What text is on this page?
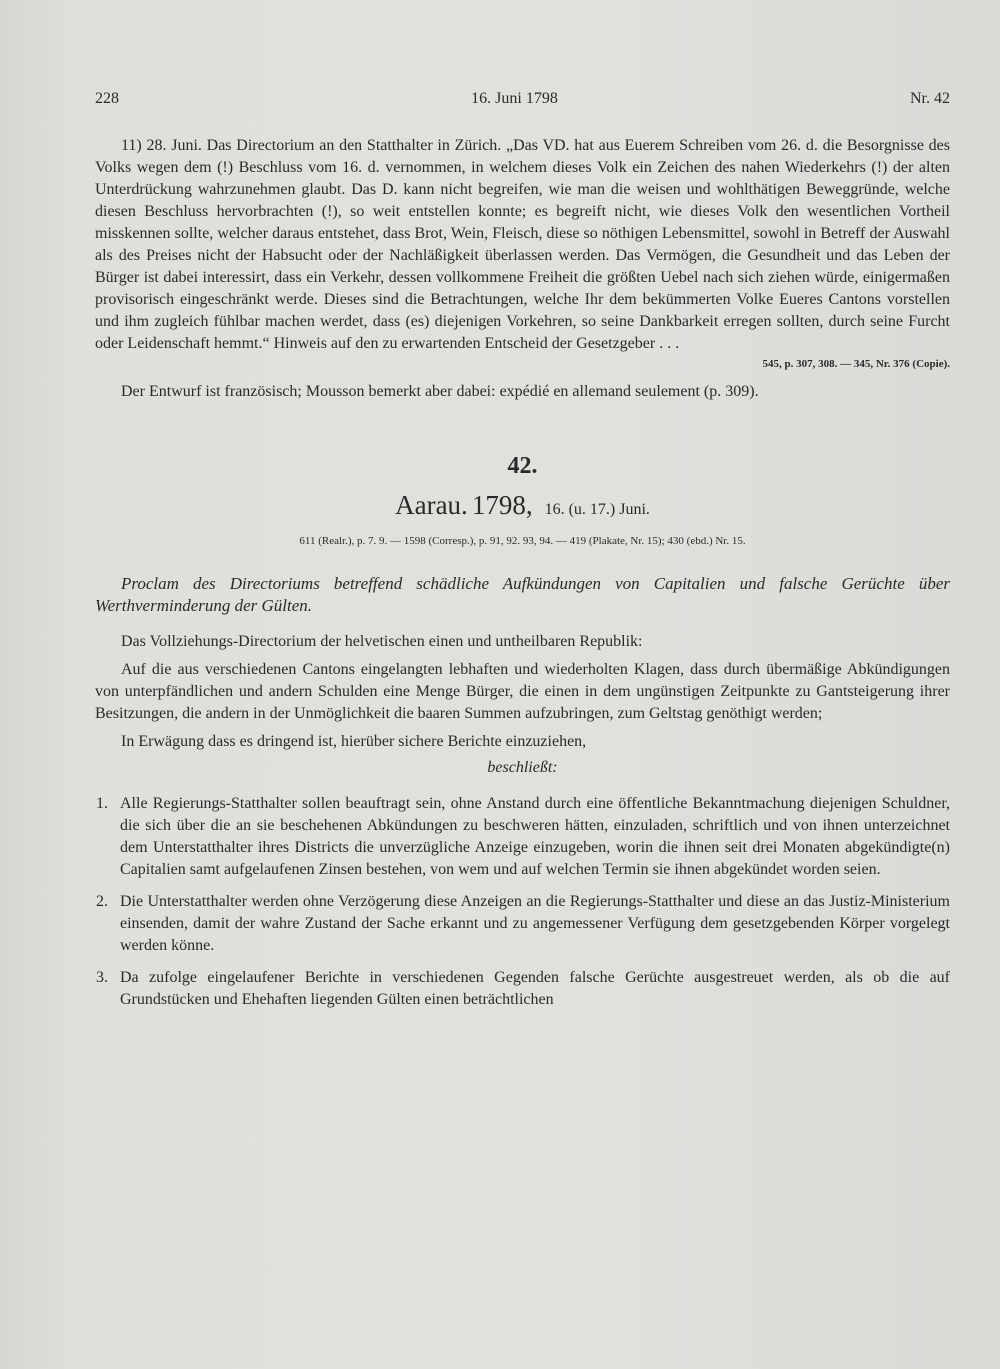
228	16. Juni 1798	Nr. 42
11) 28. Juni. Das Directorium an den Statthalter in Zürich. „Das VD. hat aus Euerem Schreiben vom 26. d. die Besorgnisse des Volks wegen dem (!) Beschluss vom 16. d. vernommen, in welchem dieses Volk ein Zeichen des nahen Wiederkehrs (!) der alten Unterdrückung wahrzunehmen glaubt. Das D. kann nicht begreifen, wie man die weisen und wohlthätigen Beweggründe, welche diesen Beschluss hervorbrachten (!), so weit entstellen konnte; es begreift nicht, wie dieses Volk den wesentlichen Vortheil misskennen sollte, welcher daraus entstehet, dass Brot, Wein, Fleisch, diese so nöthigen Lebensmittel, sowohl in Betreff der Auswahl als des Preises nicht der Habsucht oder der Nachläßigkeit überlassen werden. Das Vermögen, die Gesundheit und das Leben der Bürger ist dabei interessirt, dass ein Verkehr, dessen vollkommene Freiheit die größten Uebel nach sich ziehen würde, einigermaßen provisorisch eingeschränkt werde. Dieses sind die Betrachtungen, welche Ihr dem bekümmerten Volke Eueres Cantons vorstellen und ihm zugleich fühlbar machen werdet, dass (es) diejenigen Vorkehren, so seine Dankbarkeit erregen sollten, durch seine Furcht oder Leidenschaft hemmt.“ Hinweis auf den zu erwartenden Entscheid der Gesetzgeber . . .
545, p. 307, 308. — 345, Nr. 376 (Copie).
Der Entwurf ist französisch; Mousson bemerkt aber dabei: expédié en allemand seulement (p. 309).
42.
Aarau. 1798, 16. (u. 17.) Juni.
611 (Realr.), p. 7. 9. — 1598 (Corresp.), p. 91, 92. 93, 94. — 419 (Plakate, Nr. 15); 430 (ebd.) Nr. 15.
Proclam des Directoriums betreffend schädliche Aufkündungen von Capitalien und falsche Gerüchte über Werthverminderung der Gülten.
Das Vollziehungs-Directorium der helvetischen einen und untheilbaren Republik:
Auf die aus verschiedenen Cantons eingelangten lebhaften und wiederholten Klagen, dass durch übermäßige Abkündigungen von unterpfändlichen und andern Schulden eine Menge Bürger, die einen in dem ungünstigen Zeitpunkte zu Gantsteigerung ihrer Besitzungen, die andern in der Unmöglichkeit die baaren Summen aufzubringen, zum Geltstag genöthigt werden;
In Erwägung dass es dringend ist, hierüber sichere Berichte einzuziehen,
beschließt:
1. Alle Regierungs-Statthalter sollen beauftragt sein, ohne Anstand durch eine öffentliche Bekanntmachung diejenigen Schuldner, die sich über die an sie beschehenen Abkündungen zu beschweren hätten, einzuladen, schriftlich und von ihnen unterzeichnet dem Unterstatthalter ihres Districts die unverzügliche Anzeige einzugeben, worin die ihnen seit drei Monaten abgekündigte(n) Capitalien samt aufgelaufenen Zinsen bestehen, von wem und auf welchen Termin sie ihnen abgekündet worden seien.
2. Die Unterstatthalter werden ohne Verzögerung diese Anzeigen an die Regierungs-Statthalter und diese an das Justiz-Ministerium einsenden, damit der wahre Zustand der Sache erkannt und zu angemessener Verfügung dem gesetzgebenden Körper vorgelegt werden könne.
3. Da zufolge eingelaufener Berichte in verschiedenen Gegenden falsche Gerüchte ausgestreuet werden, als ob die auf Grundstücken und Ehehaften liegenden Gülten einen beträchtlichen
